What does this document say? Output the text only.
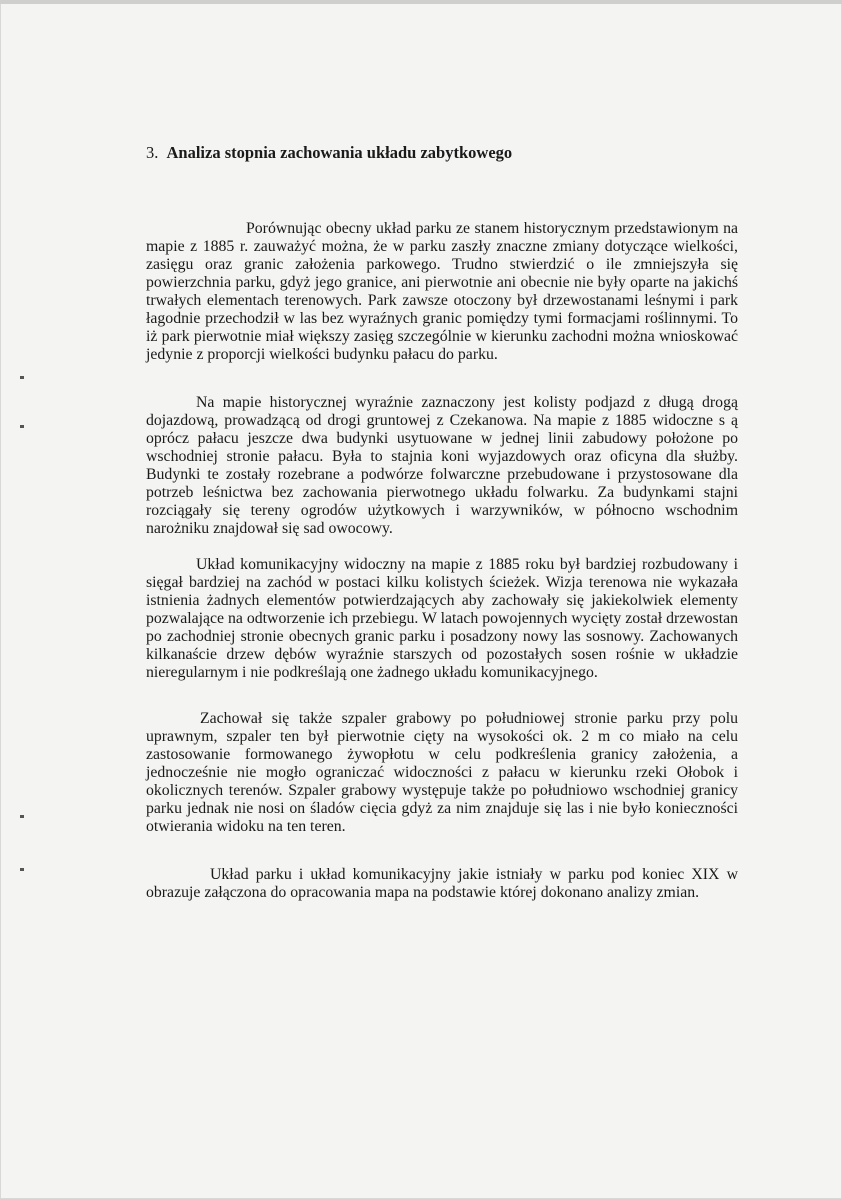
3. Analiza stopnia zachowania układu zabytkowego

Porównując obecny układ parku ze stanem historycznym przedstawionym na mapie z 1885 r. zauważyć można, że w parku zaszły znaczne zmiany dotyczące wielkości, zasięgu oraz granic założenia parkowego. Trudno stwierdzić o ile zmniejszyła się powierzchnia parku, gdyż jego granice, ani pierwotnie ani obecnie nie były oparte na jakichś trwałych elementach terenowych. Park zawsze otoczony był drzewostanami leśnymi i park łagodnie przechodził w las bez wyraźnych granic pomiędzy tymi formacjami roślinnymi. To iż park pierwotnie miał większy zasięg szczególnie w kierunku zachodni można wnioskować jedynie z proporcji wielkości budynku pałacu do parku.

Na mapie historycznej wyraźnie zaznaczony jest kolisty podjazd z długą drogą dojazdową, prowadzącą od drogi gruntowej z Czekanowa. Na mapie z 1885 widoczne s ą oprócz pałacu jeszcze dwa budynki usytuowane w jednej linii zabudowy położone po wschodniej stronie pałacu. Była to stajnia koni wyjazdowych oraz oficyna dla służby. Budynki te zostały rozebrane a podwórze folwarczne przebudowane i przystosowane dla potrzeb leśnictwa bez zachowania pierwotnego układu folwarku. Za budynkami stajni rozciągały się tereny ogrodów użytkowych i warzywników, w północno wschodnim narożniku znajdował się sad owocowy.

Układ komunikacyjny widoczny na mapie z 1885 roku był bardziej rozbudowany i sięgał bardziej na zachód w postaci kilku kolistych ścieżek. Wizja terenowa nie wykazała istnienia żadnych elementów potwierdzających aby zachowały się jakiekolwiek elementy pozwalające na odtworzenie ich przebiegu. W latach powojennych wycięty został drzewostan po zachodniej stronie obecnych granic parku i posadzony nowy las sosnowy. Zachowanych kilkanaście drzew dębów wyraźnie starszych od pozostałych sosen rośnie w układzie nieregularnym i nie podkreślają one żadnego układu komunikacyjnego.

Zachował się także szpaler grabowy po południowej stronie parku przy polu uprawnym, szpaler ten był pierwotnie cięty na wysokości ok. 2 m co miało na celu zastosowanie formowanego żywopłotu w celu podkreślenia granicy założenia, a jednocześnie nie mogło ograniczać widoczności z pałacu w kierunku rzeki Ołobok i okolicznych terenów. Szpaler grabowy występuje także po południowo wschodniej granicy parku jednak nie nosi on śladów cięcia gdyż za nim znajduje się las i nie było konieczności otwierania widoku na ten teren.

Układ parku i układ komunikacyjny jakie istniały w parku pod koniec XIX w obrazuje załączona do opracowania mapa na podstawie której dokonano analizy zmian.
